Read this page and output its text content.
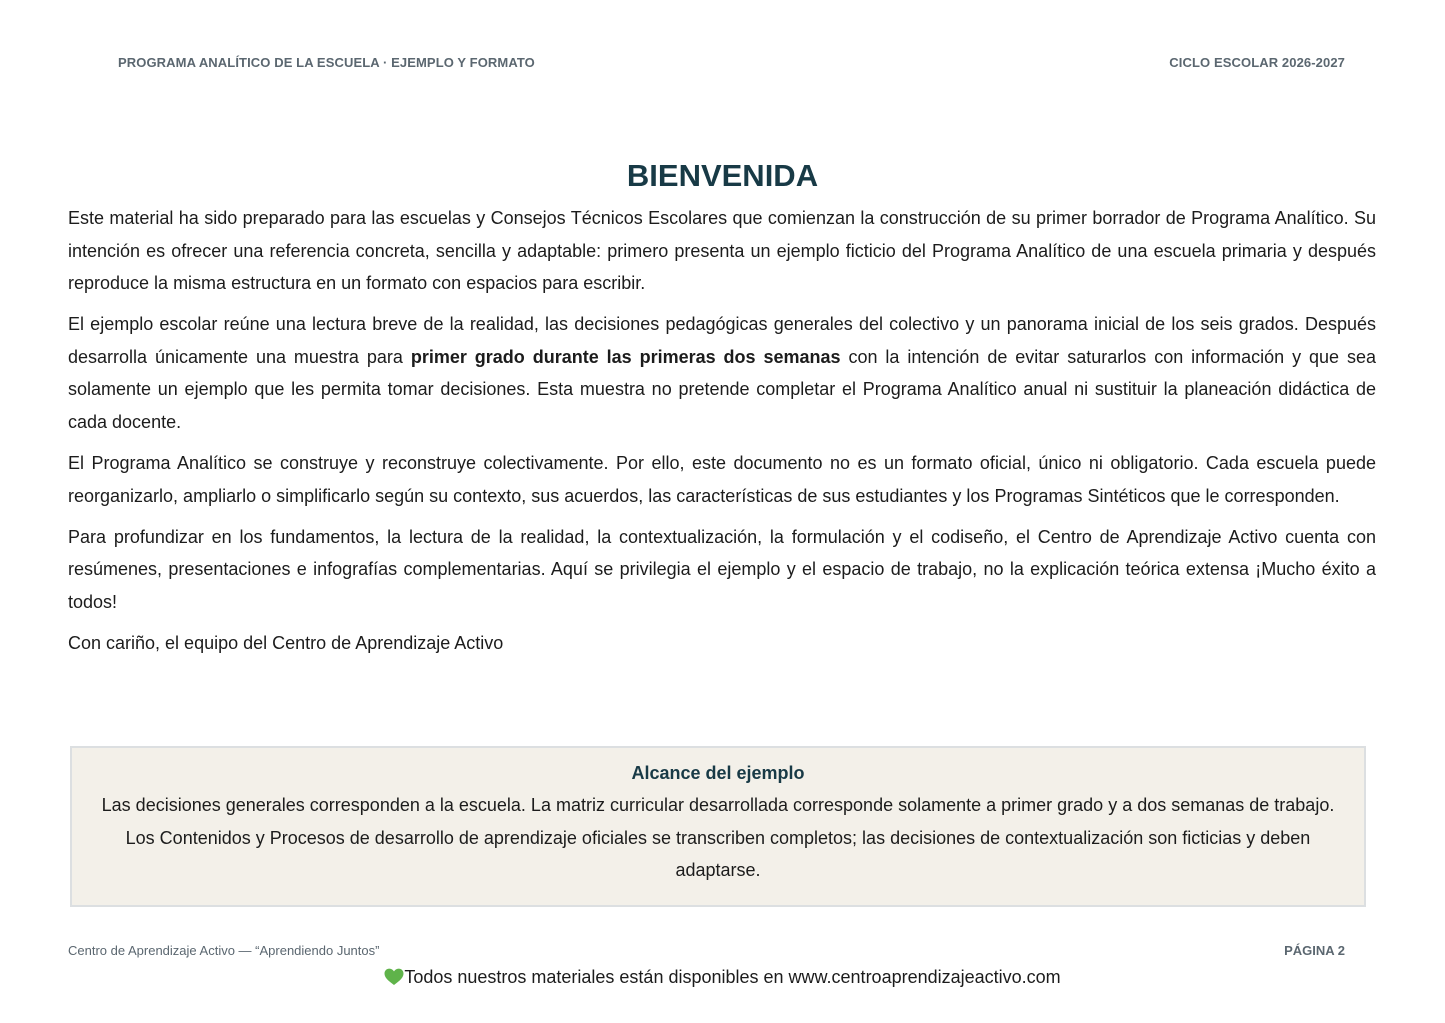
PROGRAMA ANALÍTICO DE LA ESCUELA · EJEMPLO Y FORMATO	CICLO ESCOLAR 2026-2027
BIENVENIDA

Este material ha sido preparado para las escuelas y Consejos Técnicos Escolares que comienzan la construcción de su primer borrador de Programa Analítico. Su intención es ofrecer una referencia concreta, sencilla y adaptable: primero presenta un ejemplo ficticio del Programa Analítico de una escuela primaria y después reproduce la misma estructura en un formato con espacios para escribir.

El ejemplo escolar reúne una lectura breve de la realidad, las decisiones pedagógicas generales del colectivo y un panorama inicial de los seis grados. Después desarrolla únicamente una muestra para primer grado durante las primeras dos semanas con la intención de evitar saturarlos con información y que sea solamente un ejemplo que les permita tomar decisiones. Esta muestra no pretende completar el Programa Analítico anual ni sustituir la planeación didáctica de cada docente.

El Programa Analítico se construye y reconstruye colectivamente. Por ello, este documento no es un formato oficial, único ni obligatorio. Cada escuela puede reorganizarlo, ampliarlo o simplificarlo según su contexto, sus acuerdos, las características de sus estudiantes y los Programas Sintéticos que le corresponden.

Para profundizar en los fundamentos, la lectura de la realidad, la contextualización, la formulación y el codiseño, el Centro de Aprendizaje Activo cuenta con resúmenes, presentaciones e infografías complementarias. Aquí se privilegia el ejemplo y el espacio de trabajo, no la explicación teórica extensa ¡Mucho éxito a todos!

Con cariño, el equipo del Centro de Aprendizaje Activo

Alcance del ejemplo
Las decisiones generales corresponden a la escuela. La matriz curricular desarrollada corresponde solamente a primer grado y a dos semanas de trabajo. Los Contenidos y Procesos de desarrollo de aprendizaje oficiales se transcriben completos; las decisiones de contextualización son ficticias y deben adaptarse.
Centro de Aprendizaje Activo — “Aprendiendo Juntos”	PÁGINA 2
Todos nuestros materiales están disponibles en www.centroaprendizajeactivo.com
